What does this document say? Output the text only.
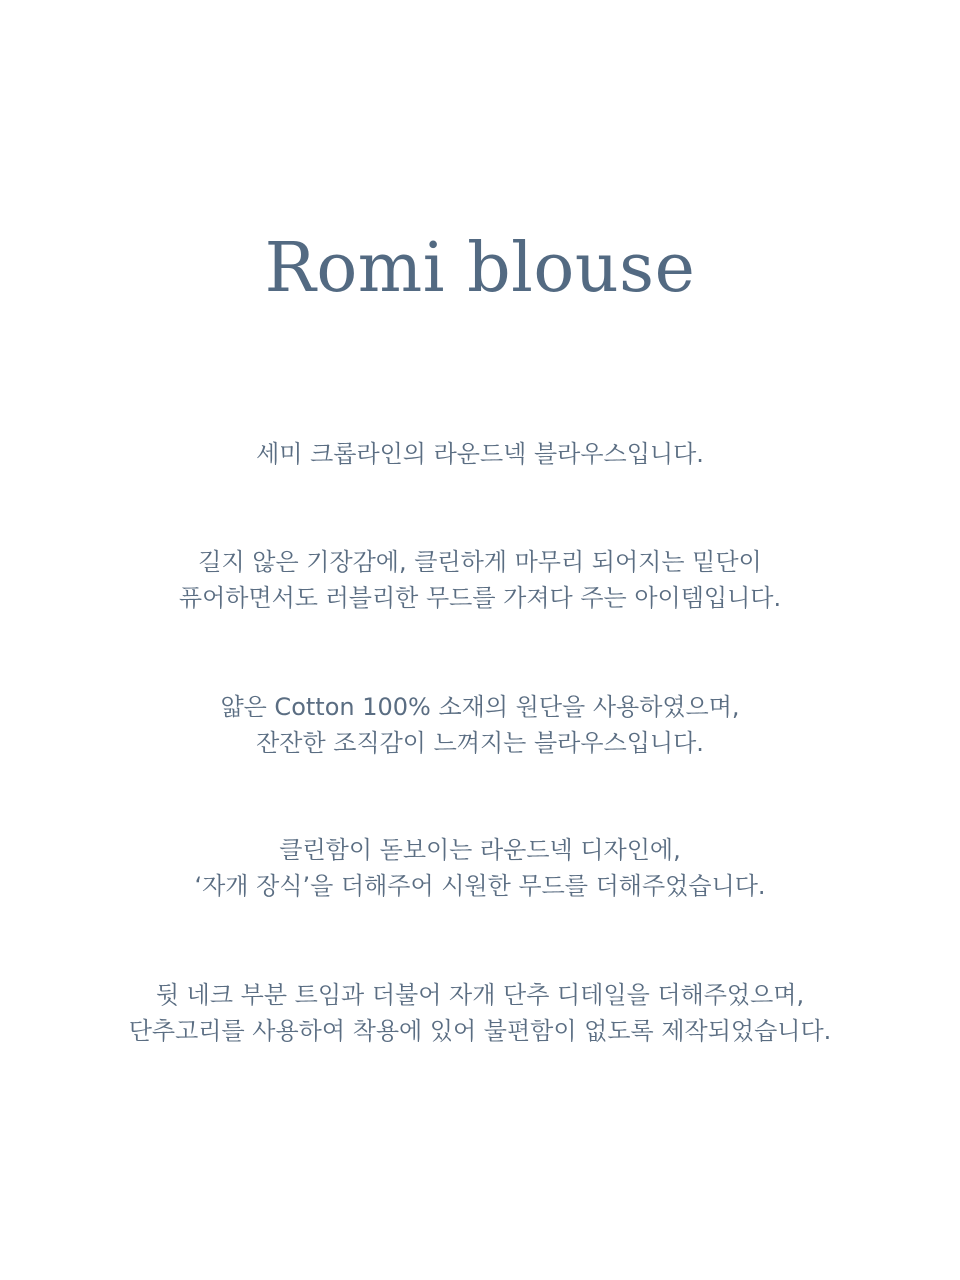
Romi blouse

세미 크롭라인의 라운드넥 블라우스입니다.

길지 않은 기장감에, 클린하게 마무리 되어지는 밑단이
퓨어하면서도 러블리한 무드를 가져다 주는 아이템입니다.

얇은 Cotton 100% 소재의 원단을 사용하였으며,
잔잔한 조직감이 느껴지는 블라우스입니다.

클린함이 돋보이는 라운드넥 디자인에,
‘자개 장식’을 더해주어 시원한 무드를 더해주었습니다.

뒷 네크 부분 트임과 더불어 자개 단추 디테일을 더해주었으며,
단추고리를 사용하여 착용에 있어 불편함이 없도록 제작되었습니다.
